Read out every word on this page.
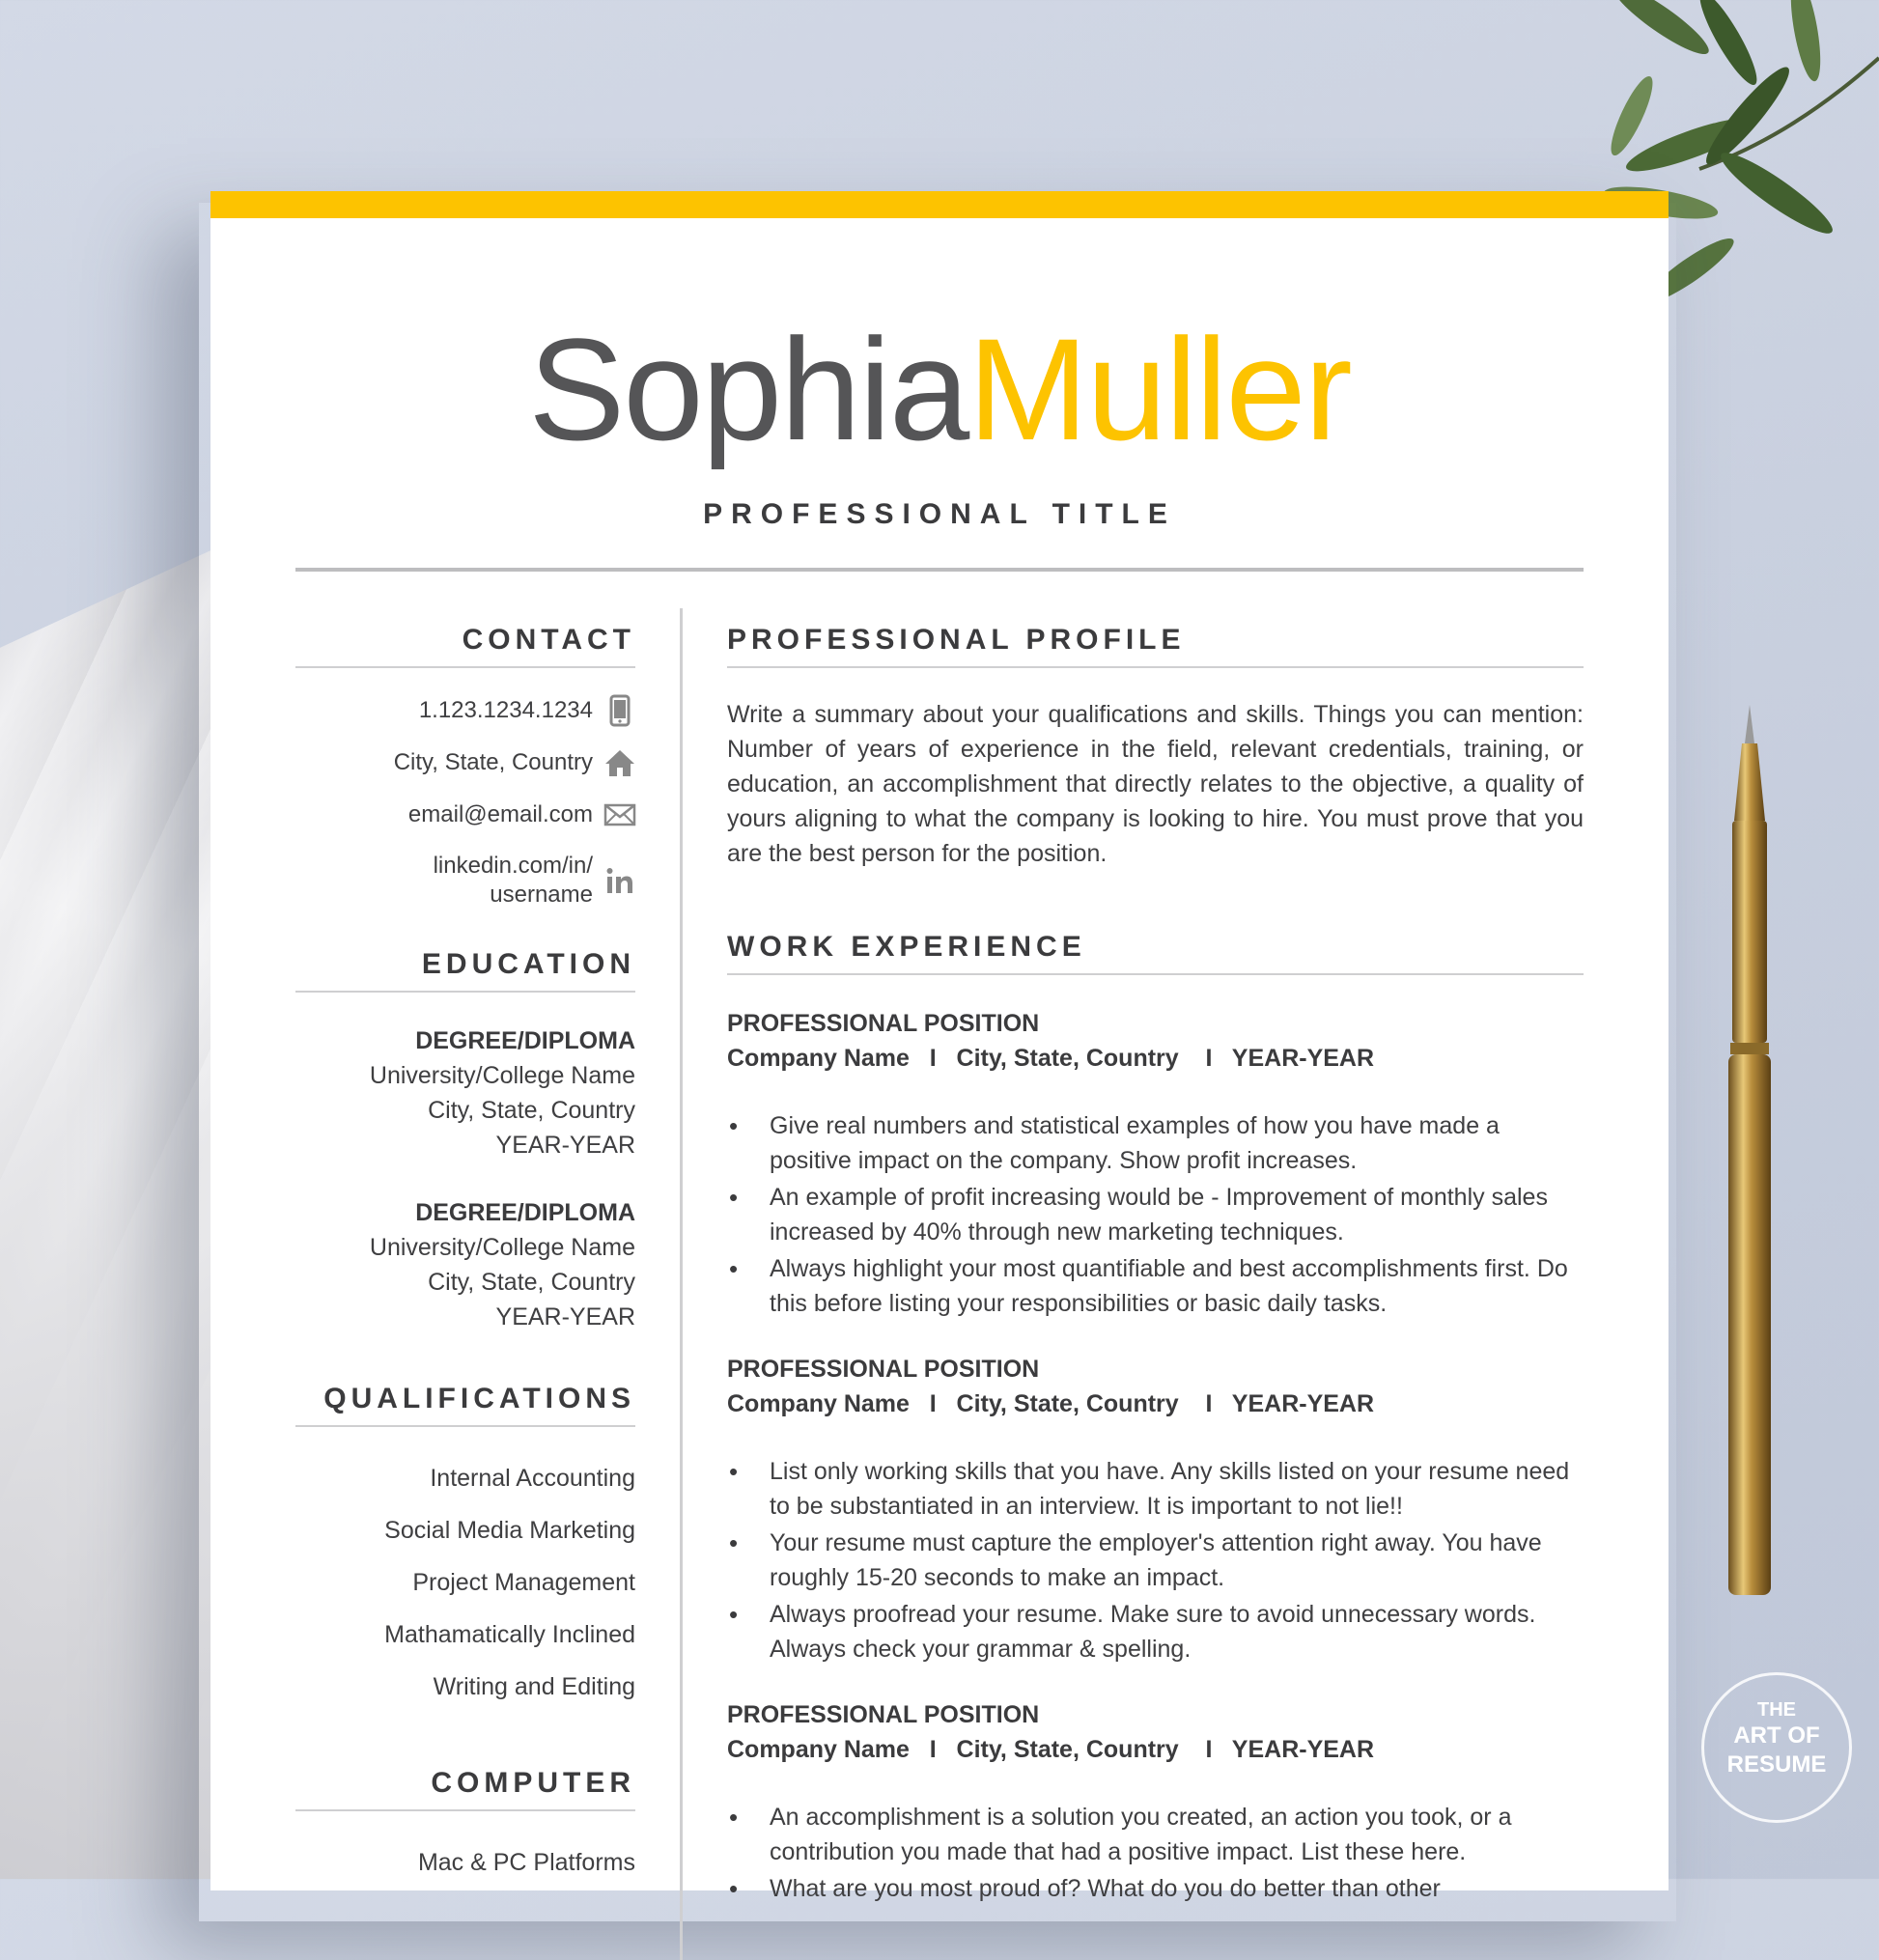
SophiaMuller
PROFESSIONAL TITLE
CONTACT
1.123.1234.1234
City, State, Country
email@email.com
linkedin.com/in/
username
EDUCATION
DEGREE/DIPLOMA
University/College Name
City, State, Country
YEAR-YEAR
DEGREE/DIPLOMA
University/College Name
City, State, Country
YEAR-YEAR
QUALIFICATIONS
Internal Accounting
Social Media Marketing
Project Management
Mathamatically Inclined
Writing and Editing
COMPUTER
Mac & PC Platforms
PROFESSIONAL PROFILE
Write a summary about your qualifications and skills. Things you can mention: Number of years of experience in the field, relevant credentials, training, or education, an accomplishment that directly relates to the objective, a quality of yours aligning to what the company is looking to hire. You must prove that you are the best person for the position.
WORK EXPERIENCE
PROFESSIONAL POSITION
Company Name   I   City, State, Country    I   YEAR-YEAR
• Give real numbers and statistical examples of how you have made a positive impact on the company. Show profit increases.
• An example of profit increasing would be - Improvement of monthly sales increased by 40% through new marketing techniques.
• Always highlight your most quantifiable and best accomplishments first. Do this before listing your responsibilities or basic daily tasks.
PROFESSIONAL POSITION
Company Name   I   City, State, Country    I   YEAR-YEAR
• List only working skills that you have. Any skills listed on your resume need to be substantiated in an interview. It is important to not lie!!
• Your resume must capture the employer's attention right away. You have roughly 15-20 seconds to make an impact.
• Always proofread your resume. Make sure to avoid unnecessary words. Always check your grammar & spelling.
PROFESSIONAL POSITION
Company Name   I   City, State, Country    I   YEAR-YEAR
• An accomplishment is a solution you created, an action you took, or a contribution you made that had a positive impact. List these here.
• What are you most proud of? What do you do better than other
THE
ART OF
RESUME
